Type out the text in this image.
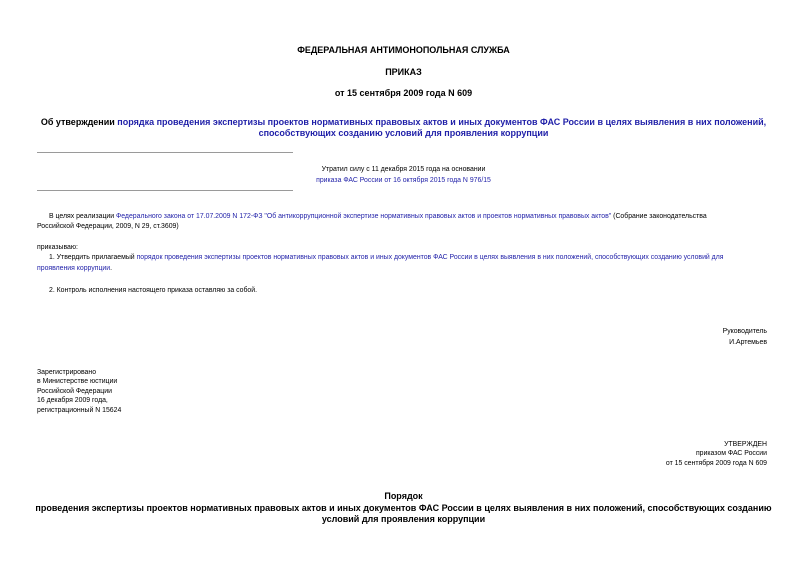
ФЕДЕРАЛЬНАЯ АНТИМОНОПОЛЬНАЯ СЛУЖБА
ПРИКАЗ
от 15 сентября 2009 года N 609
Об утверждении порядка проведения экспертизы проектов нормативных правовых актов и иных документов ФАС России в целях выявления в них положений,
способствующих созданию условий для проявления коррупции
Утратил силу с 11 декабря 2015 года на основании
приказа ФАС России от 16 октября 2015 года N 976/15
В целях реализации Федерального закона от 17.07.2009 N 172-ФЗ "Об антикоррупционной экспертизе нормативных правовых актов и проектов нормативных правовых актов" (Собрание законодательства
Российской Федерации, 2009, N 29, ст.3609)
приказываю:
1. Утвердить прилагаемый порядок проведения экспертизы проектов нормативных правовых актов и иных документов ФАС России в целях выявления в них положений, способствующих созданию условий для
проявления коррупции.
2. Контроль исполнения настоящего приказа оставляю за собой.
Руководитель
И.Артемьев
Зарегистрировано
в Министерстве юстиции
Российской Федерации
16 декабря 2009 года,
регистрационный N 15624
УТВЕРЖДЕН
приказом ФАС России
от 15 сентября 2009 года N 609
Порядок
проведения экспертизы проектов нормативных правовых актов и иных документов ФАС России в целях выявления в них положений, способствующих созданию
условий для проявления коррупции
